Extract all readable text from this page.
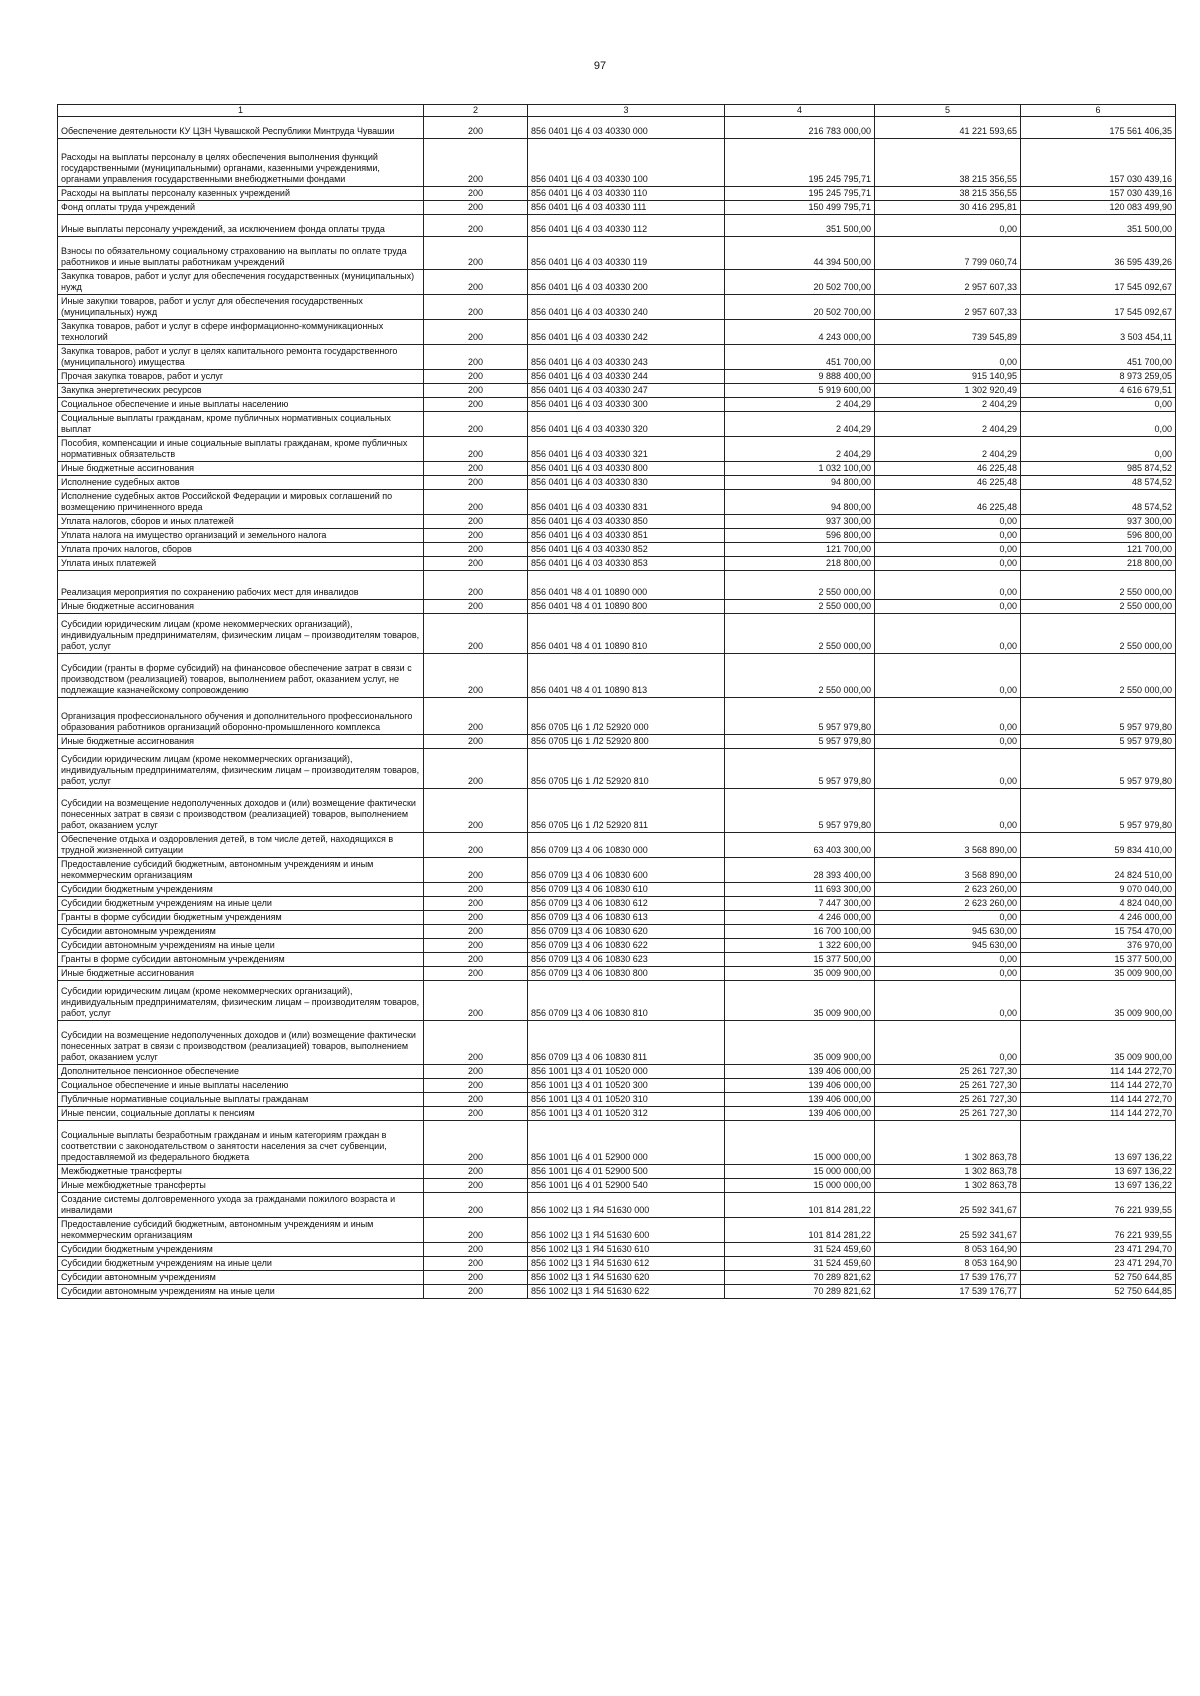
97
1	2	3	4	5	6
Обеспечение деятельности КУ ЦЗН Чувашской Республики Минтруда Чувашии	200	856 0401 Ц6 4 03 40330 000	216 783 000,00	41 221 593,65	175 561 406,35
Расходы на выплаты персоналу в целях обеспечения выполнения функций государственными (муниципальными) органами, казенными учреждениями, органами управления государственными внебюджетными фондами	200	856 0401 Ц6 4 03 40330 100	195 245 795,71	38 215 356,55	157 030 439,16
Расходы на выплаты персоналу казенных учреждений	200	856 0401 Ц6 4 03 40330 110	195 245 795,71	38 215 356,55	157 030 439,16
Фонд оплаты труда учреждений	200	856 0401 Ц6 4 03 40330 111	150 499 795,71	30 416 295,81	120 083 499,90
Иные выплаты персоналу учреждений, за исключением фонда оплаты труда	200	856 0401 Ц6 4 03 40330 112	351 500,00	0,00	351 500,00
Взносы по обязательному социальному страхованию на выплаты по оплате труда работников и иные выплаты работникам учреждений	200	856 0401 Ц6 4 03 40330 119	44 394 500,00	7 799 060,74	36 595 439,26
Закупка товаров, работ и услуг для обеспечения государственных (муниципальных) нужд	200	856 0401 Ц6 4 03 40330 200	20 502 700,00	2 957 607,33	17 545 092,67
Иные закупки товаров, работ и услуг для обеспечения государственных (муниципальных) нужд	200	856 0401 Ц6 4 03 40330 240	20 502 700,00	2 957 607,33	17 545 092,67
Закупка товаров, работ и услуг в сфере информационно-коммуникационных технологий	200	856 0401 Ц6 4 03 40330 242	4 243 000,00	739 545,89	3 503 454,11
Закупка товаров, работ и услуг в целях капитального ремонта государственного (муниципального) имущества	200	856 0401 Ц6 4 03 40330 243	451 700,00	0,00	451 700,00
Прочая закупка товаров, работ и услуг	200	856 0401 Ц6 4 03 40330 244	9 888 400,00	915 140,95	8 973 259,05
Закупка энергетических ресурсов	200	856 0401 Ц6 4 03 40330 247	5 919 600,00	1 302 920,49	4 616 679,51
Социальное обеспечение и иные выплаты населению	200	856 0401 Ц6 4 03 40330 300	2 404,29	2 404,29	0,00
Социальные выплаты гражданам, кроме публичных нормативных социальных выплат	200	856 0401 Ц6 4 03 40330 320	2 404,29	2 404,29	0,00
Пособия, компенсации и иные социальные выплаты гражданам, кроме публичных нормативных обязательств	200	856 0401 Ц6 4 03 40330 321	2 404,29	2 404,29	0,00
Иные бюджетные ассигнования	200	856 0401 Ц6 4 03 40330 800	1 032 100,00	46 225,48	985 874,52
Исполнение судебных актов	200	856 0401 Ц6 4 03 40330 830	94 800,00	46 225,48	48 574,52
Исполнение судебных актов Российской Федерации и мировых соглашений по возмещению причиненного вреда	200	856 0401 Ц6 4 03 40330 831	94 800,00	46 225,48	48 574,52
Уплата налогов, сборов и иных платежей	200	856 0401 Ц6 4 03 40330 850	937 300,00	0,00	937 300,00
Уплата налога на имущество организаций и земельного налога	200	856 0401 Ц6 4 03 40330 851	596 800,00	0,00	596 800,00
Уплата прочих налогов, сборов	200	856 0401 Ц6 4 03 40330 852	121 700,00	0,00	121 700,00
Уплата иных платежей	200	856 0401 Ц6 4 03 40330 853	218 800,00	0,00	218 800,00
Реализация мероприятия по сохранению рабочих мест для инвалидов	200	856 0401 Ч8 4 01 10890 000	2 550 000,00	0,00	2 550 000,00
Иные бюджетные ассигнования	200	856 0401 Ч8 4 01 10890 800	2 550 000,00	0,00	2 550 000,00
Субсидии юридическим лицам (кроме некоммерческих организаций), индивидуальным предпринимателям, физическим лицам – производителям товаров, работ, услуг	200	856 0401 Ч8 4 01 10890 810	2 550 000,00	0,00	2 550 000,00
Субсидии (гранты в форме субсидий) на финансовое обеспечение затрат в связи с производством (реализацией) товаров, выполнением работ, оказанием услуг, не подлежащие казначейскому сопровождению	200	856 0401 Ч8 4 01 10890 813	2 550 000,00	0,00	2 550 000,00
Организация профессионального обучения и дополнительного профессионального образования работников организаций оборонно-промышленного комплекса	200	856 0705 Ц6 1 Л2 52920 000	5 957 979,80	0,00	5 957 979,80
Иные бюджетные ассигнования	200	856 0705 Ц6 1 Л2 52920 800	5 957 979,80	0,00	5 957 979,80
Субсидии юридическим лицам (кроме некоммерческих организаций), индивидуальным предпринимателям, физическим лицам – производителям товаров, работ, услуг	200	856 0705 Ц6 1 Л2 52920 810	5 957 979,80	0,00	5 957 979,80
Субсидии на возмещение недополученных доходов и (или) возмещение фактически понесенных затрат в связи с производством (реализацией) товаров, выполнением работ, оказанием услуг	200	856 0705 Ц6 1 Л2 52920 811	5 957 979,80	0,00	5 957 979,80
Обеспечение отдыха и оздоровления детей, в том числе детей, находящихся в трудной жизненной ситуации	200	856 0709 Ц3 4 06 10830 000	63 403 300,00	3 568 890,00	59 834 410,00
Предоставление субсидий бюджетным, автономным учреждениям и иным некоммерческим организациям	200	856 0709 Ц3 4 06 10830 600	28 393 400,00	3 568 890,00	24 824 510,00
Субсидии бюджетным учреждениям	200	856 0709 Ц3 4 06 10830 610	11 693 300,00	2 623 260,00	9 070 040,00
Субсидии бюджетным учреждениям на иные цели	200	856 0709 Ц3 4 06 10830 612	7 447 300,00	2 623 260,00	4 824 040,00
Гранты в форме субсидии бюджетным учреждениям	200	856 0709 Ц3 4 06 10830 613	4 246 000,00	0,00	4 246 000,00
Субсидии автономным учреждениям	200	856 0709 Ц3 4 06 10830 620	16 700 100,00	945 630,00	15 754 470,00
Субсидии автономным учреждениям на иные цели	200	856 0709 Ц3 4 06 10830 622	1 322 600,00	945 630,00	376 970,00
Гранты в форме субсидии автономным учреждениям	200	856 0709 Ц3 4 06 10830 623	15 377 500,00	0,00	15 377 500,00
Иные бюджетные ассигнования	200	856 0709 Ц3 4 06 10830 800	35 009 900,00	0,00	35 009 900,00
Субсидии юридическим лицам (кроме некоммерческих организаций), индивидуальным предпринимателям, физическим лицам – производителям товаров, работ, услуг	200	856 0709 Ц3 4 06 10830 810	35 009 900,00	0,00	35 009 900,00
Субсидии на возмещение недополученных доходов и (или) возмещение фактически понесенных затрат в связи с производством (реализацией) товаров, выполнением работ, оказанием услуг	200	856 0709 Ц3 4 06 10830 811	35 009 900,00	0,00	35 009 900,00
Дополнительное пенсионное обеспечение	200	856 1001 Ц3 4 01 10520 000	139 406 000,00	25 261 727,30	114 144 272,70
Социальное обеспечение и иные выплаты населению	200	856 1001 Ц3 4 01 10520 300	139 406 000,00	25 261 727,30	114 144 272,70
Публичные нормативные социальные выплаты гражданам	200	856 1001 Ц3 4 01 10520 310	139 406 000,00	25 261 727,30	114 144 272,70
Иные пенсии, социальные доплаты к пенсиям	200	856 1001 Ц3 4 01 10520 312	139 406 000,00	25 261 727,30	114 144 272,70
Социальные выплаты безработным гражданам и иным категориям граждан в соответствии с законодательством о занятости населения за счет субвенции, предоставляемой из федерального бюджета	200	856 1001 Ц6 4 01 52900 000	15 000 000,00	1 302 863,78	13 697 136,22
Межбюджетные трансферты	200	856 1001 Ц6 4 01 52900 500	15 000 000,00	1 302 863,78	13 697 136,22
Иные межбюджетные трансферты	200	856 1001 Ц6 4 01 52900 540	15 000 000,00	1 302 863,78	13 697 136,22
Создание системы долговременного ухода за гражданами пожилого возраста и инвалидами	200	856 1002 Ц3 1 Я4 51630 000	101 814 281,22	25 592 341,67	76 221 939,55
Предоставление субсидий бюджетным, автономным учреждениям и иным некоммерческим организациям	200	856 1002 Ц3 1 Я4 51630 600	101 814 281,22	25 592 341,67	76 221 939,55
Субсидии бюджетным учреждениям	200	856 1002 Ц3 1 Я4 51630 610	31 524 459,60	8 053 164,90	23 471 294,70
Субсидии бюджетным учреждениям на иные цели	200	856 1002 Ц3 1 Я4 51630 612	31 524 459,60	8 053 164,90	23 471 294,70
Субсидии автономным учреждениям	200	856 1002 Ц3 1 Я4 51630 620	70 289 821,62	17 539 176,77	52 750 644,85
Субсидии автономным учреждениям на иные цели	200	856 1002 Ц3 1 Я4 51630 622	70 289 821,62	17 539 176,77	52 750 644,85
